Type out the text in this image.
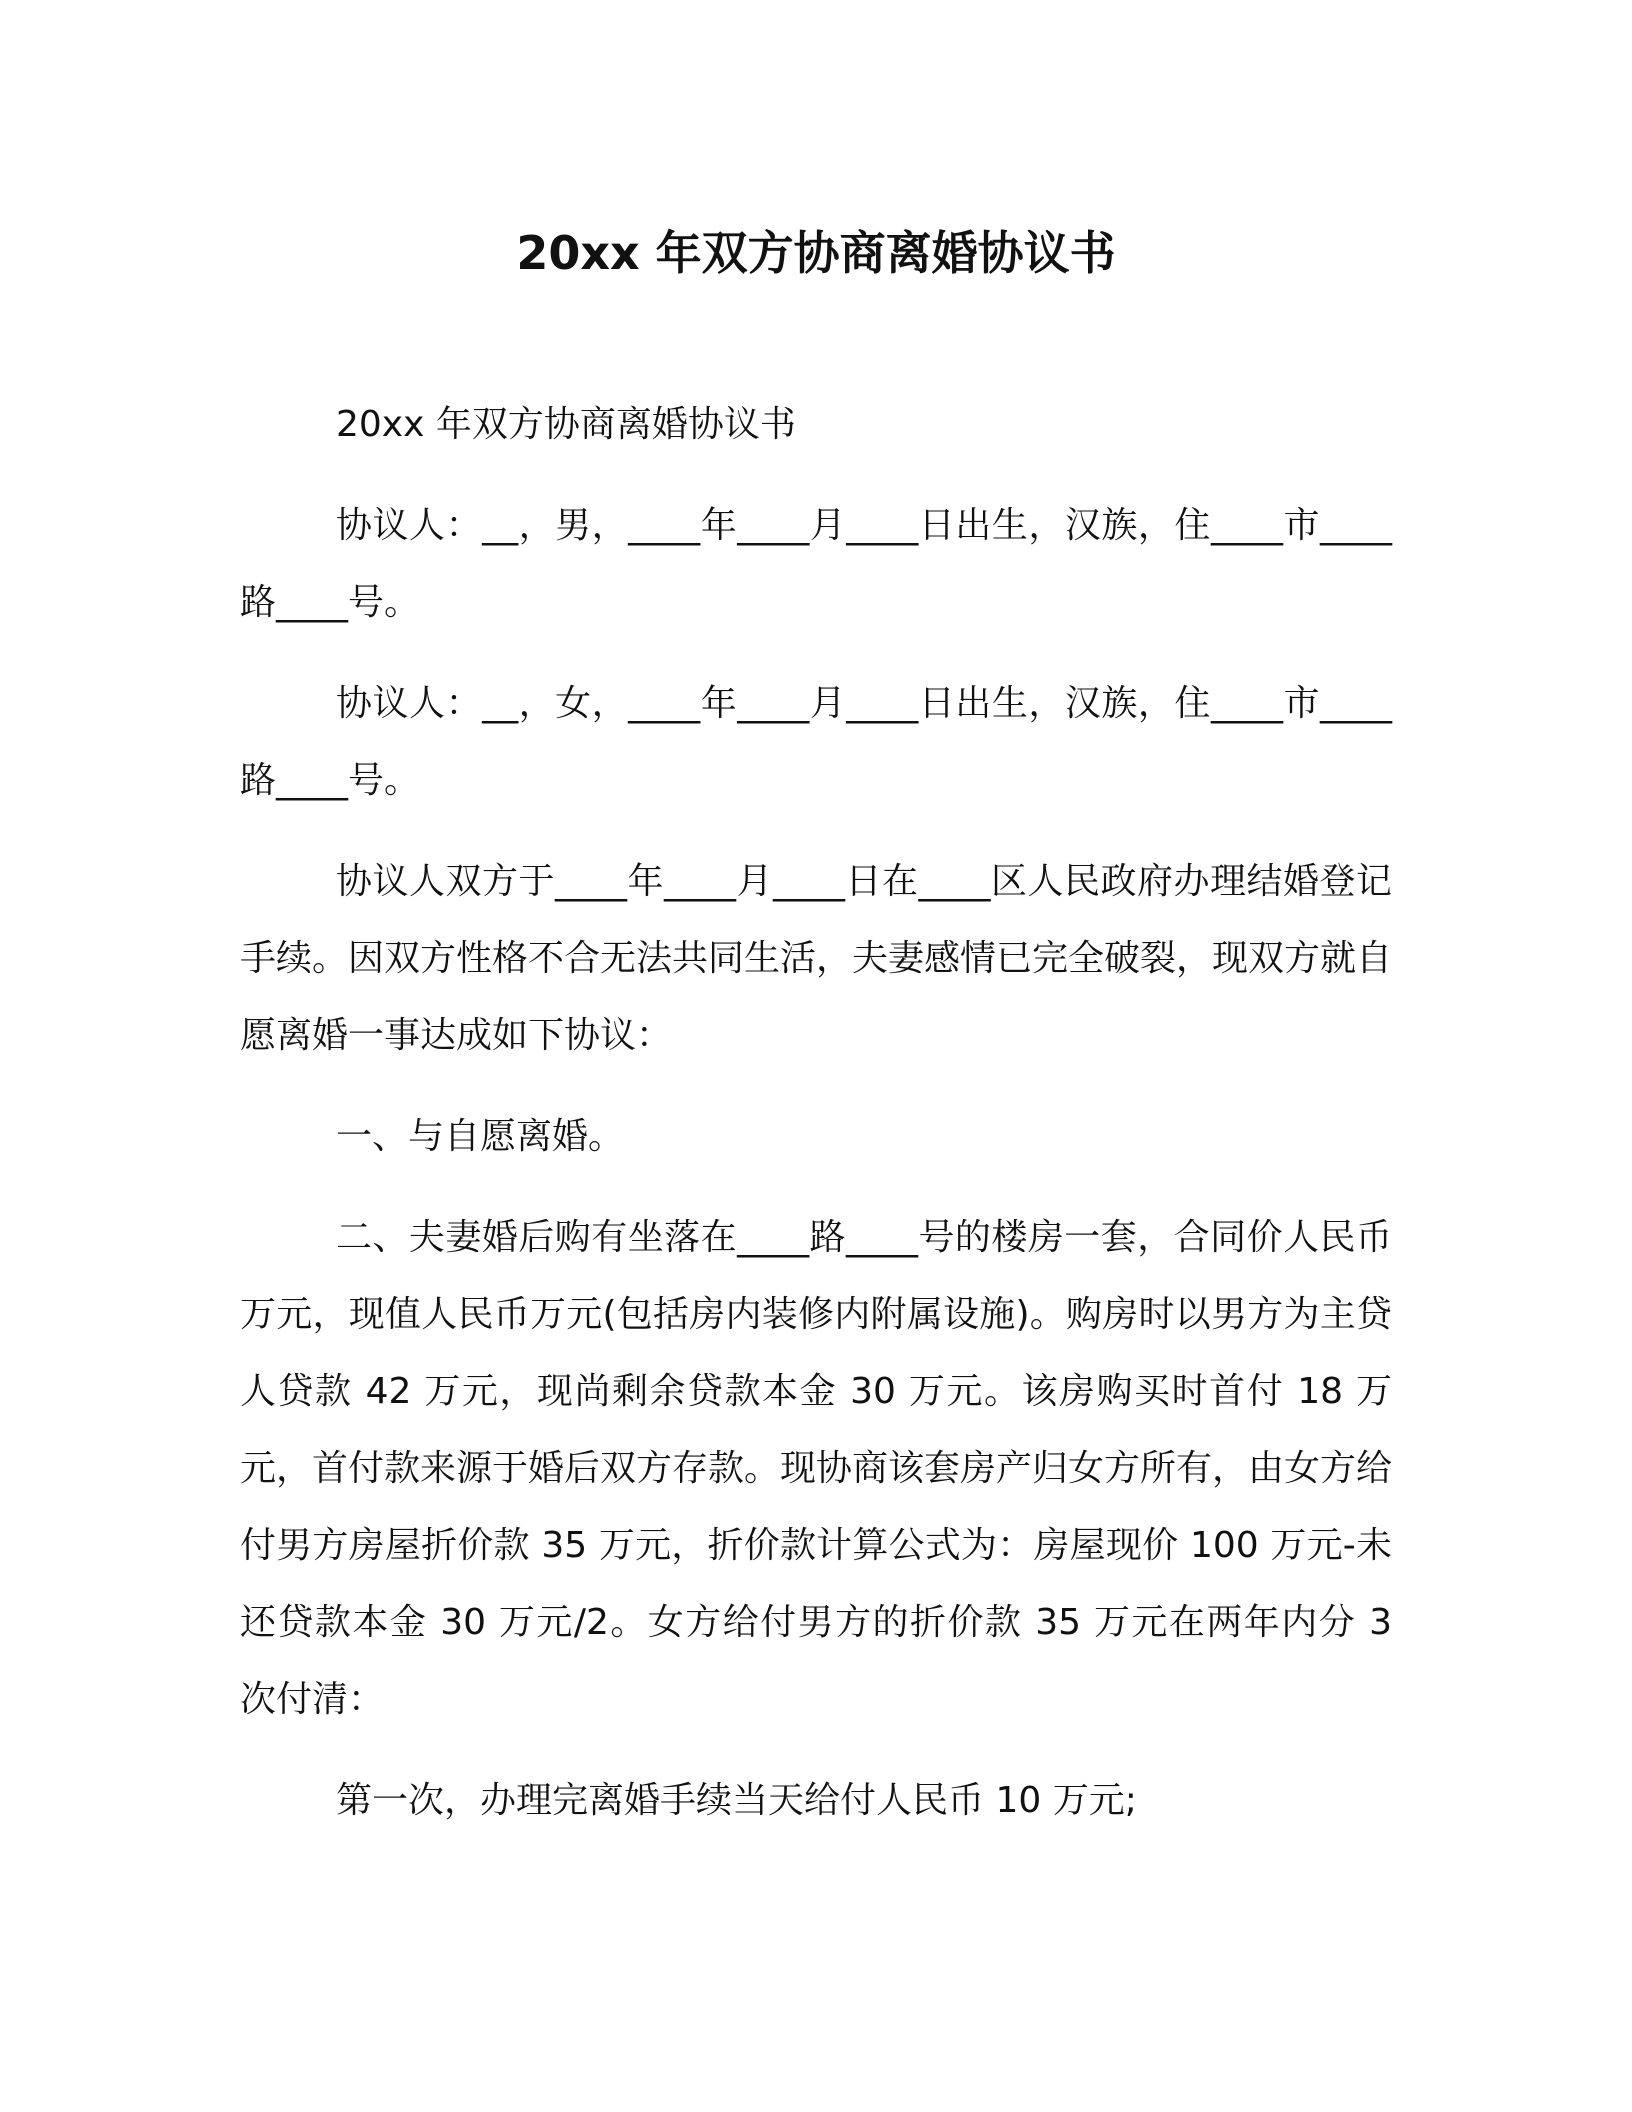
20xx 年双方协商离婚协议书

20xx 年双方协商离婚协议书

协议人：__，男，____年____月____日出生，汉族，住____市____路____号。

协议人：__，女，____年____月____日出生，汉族，住____市____路____号。

协议人双方于____年____月____日在____区人民政府办理结婚登记手续。因双方性格不合无法共同生活，夫妻感情已完全破裂，现双方就自愿离婚一事达成如下协议：

一、与自愿离婚。

二、夫妻婚后购有坐落在____路____号的楼房一套，合同价人民币万元，现值人民币万元(包括房内装修内附属设施)。购房时以男方为主贷人贷款 42 万元，现尚剩余贷款本金 30 万元。该房购买时首付 18 万元，首付款来源于婚后双方存款。现协商该套房产归女方所有，由女方给付男方房屋折价款 35 万元，折价款计算公式为：房屋现价 100 万元-未还贷款本金 30 万元/2。女方给付男方的折价款 35 万元在两年内分 3 次付清：

第一次，办理完离婚手续当天给付人民币 10 万元;
